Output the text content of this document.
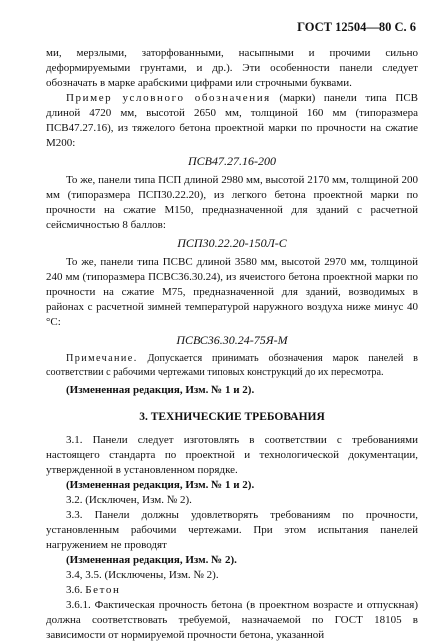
ГОСТ 12504—80 С. 6

ми, мерзлыми, заторфованными, насыпными и прочими сильно деформируемыми грунтами, и др.). Эти особенности панели следует обозначать в марке арабскими цифрами или строчными буквами.

Пример условного обозначения (марки) панели типа ПСВ длиной 4720 мм, высотой 2650 мм, толщиной 160 мм (типоразмера ПСВ47.27.16), из тяжелого бетона проектной марки по прочности на сжатие М200:

ПСВ47.27.16-200

То же, панели типа ПСП длиной 2980 мм, высотой 2170 мм, толщиной 200 мм (типоразмера ПСП30.22.20), из легкого бетона проектной марки по прочности на сжатие М150, предназначенной для зданий с расчетной сейсмичностью 8 баллов:

ПСП30.22.20-150Л-С

То же, панели типа ПСВС длиной 3580 мм, высотой 2970 мм, толщиной 240 мм (типоразмера ПСВС36.30.24), из ячеистого бетона проектной марки по прочности на сжатие М75, предназначенной для зданий, возводимых в районах с расчетной зимней температурой наружного воздуха ниже минус 40 °С:

ПСВС36.30.24-75Я-М

Примечание. Допускается принимать обозначения марок панелей в соответствии с рабочими чертежами типовых конструкций до их пересмотра.

(Измененная редакция, Изм. № 1 и 2).

3. ТЕХНИЧЕСКИЕ ТРЕБОВАНИЯ

3.1. Панели следует изготовлять в соответствии с требованиями настоящего стандарта по проектной и технологической документации, утвержденной в установленном порядке.

(Измененная редакция, Изм. № 1 и 2).

3.2. (Исключен, Изм. № 2).

3.3. Панели должны удовлетворять требованиям по прочности, установленным рабочими чертежами. При этом испытания панелей нагружением не проводят

(Измененная редакция, Изм. № 2).

3.4, 3.5. (Исключены, Изм. № 2).

3.6. Бетон

3.6.1. Фактическая прочность бетона (в проектном возрасте и отпускная) должна соответствовать требуемой, назначаемой по ГОСТ 18105 в зависимости от нормируемой прочности бетона, указанной
